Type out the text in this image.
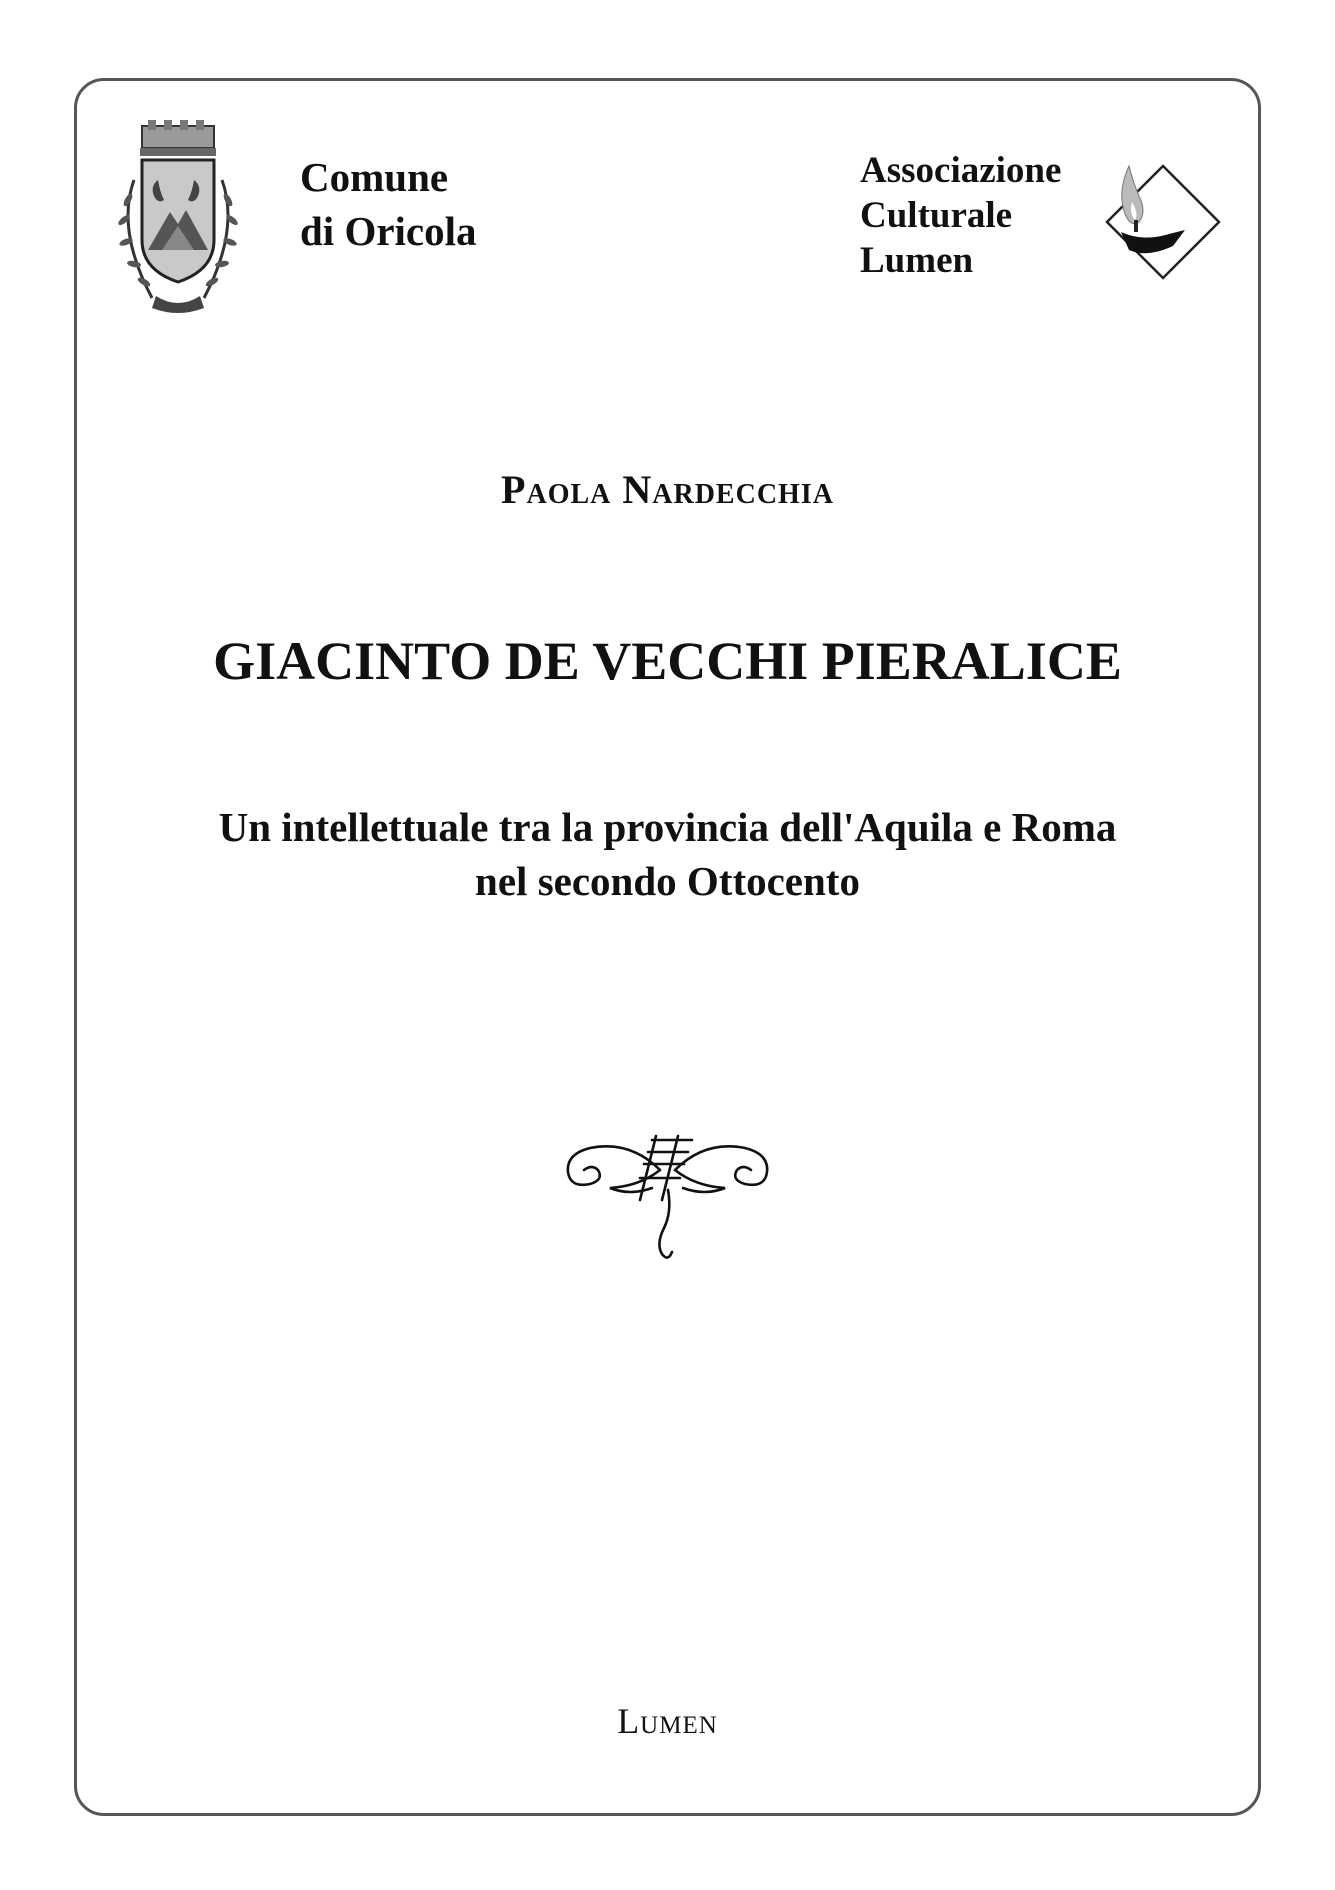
Comune
di Oricola
Associazione
Culturale
Lumen
Paola Nardecchia
GIACINTO DE VECCHI PIERALICE
Un intellettuale tra la provincia dell'Aquila e Roma
nel secondo Ottocento
Lumen
